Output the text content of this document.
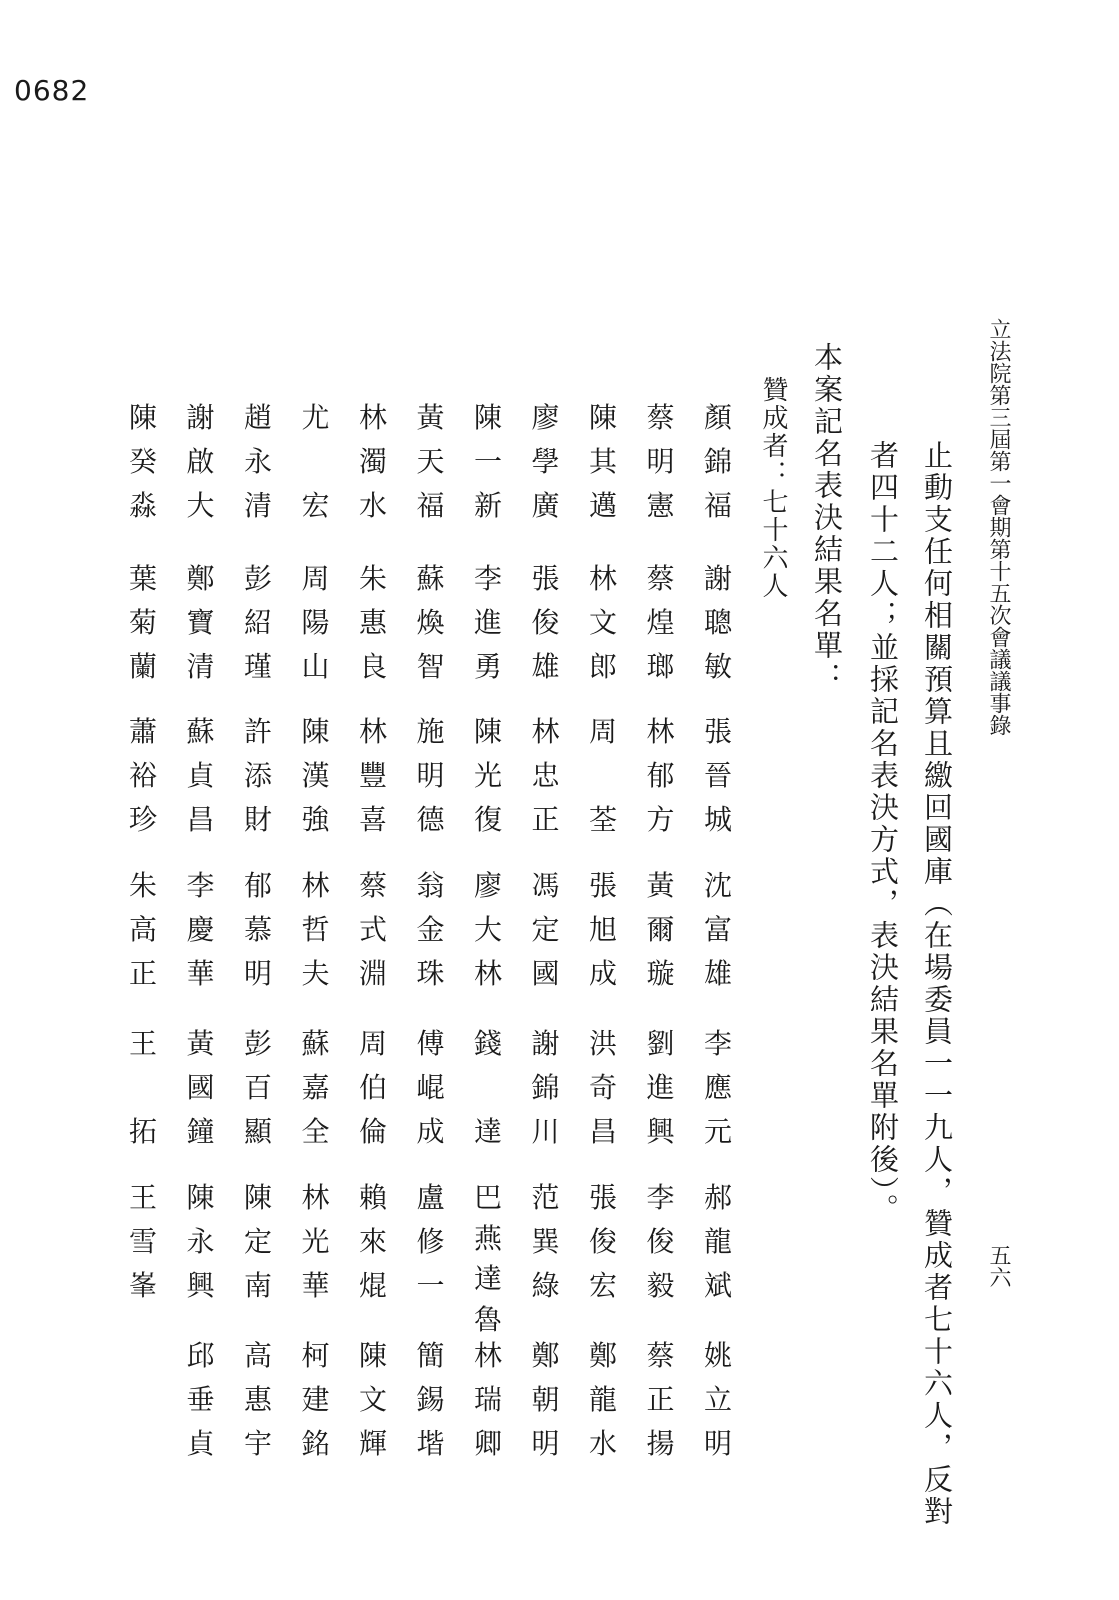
0682
立法院第三屆第一會期第十五次會議議事錄
五六
止動支任何相關預算且繳回國庫（在場委員一一九人，贊成者七十六人，反對
者四十二人；並採記名表決方式，表決結果名單附後）。
本案記名表決結果名單：
贊成者：七十六人
顏
錦
福
謝
聰
敏
張
晉
城
沈
富
雄
李
應
元
郝
龍
斌
姚
立
明
蔡
明
憲
蔡
煌
瑯
林
郁
方
黃
爾
璇
劉
進
興
李
俊
毅
蔡
正
揚
陳
其
邁
林
文
郎
周
荃
張
旭
成
洪
奇
昌
張
俊
宏
鄭
龍
水
廖
學
廣
張
俊
雄
林
忠
正
馮
定
國
謝
錦
川
范
巽
綠
鄭
朝
明
陳
一
新
李
進
勇
陳
光
復
廖
大
林
錢
達
巴
燕
達
魯
林
瑞
卿
黃
天
福
蘇
煥
智
施
明
德
翁
金
珠
傅
崐
成
盧
修
一
簡
錫
堦
林
濁
水
朱
惠
良
林
豐
喜
蔡
式
淵
周
伯
倫
賴
來
焜
陳
文
輝
尤
宏
周
陽
山
陳
漢
強
林
哲
夫
蘇
嘉
全
林
光
華
柯
建
銘
趙
永
清
彭
紹
瑾
許
添
財
郁
慕
明
彭
百
顯
陳
定
南
高
惠
宇
謝
啟
大
鄭
寶
清
蘇
貞
昌
李
慶
華
黃
國
鐘
陳
永
興
邱
垂
貞
陳
癸
淼
葉
菊
蘭
蕭
裕
珍
朱
高
正
王
拓
王
雪
峯
